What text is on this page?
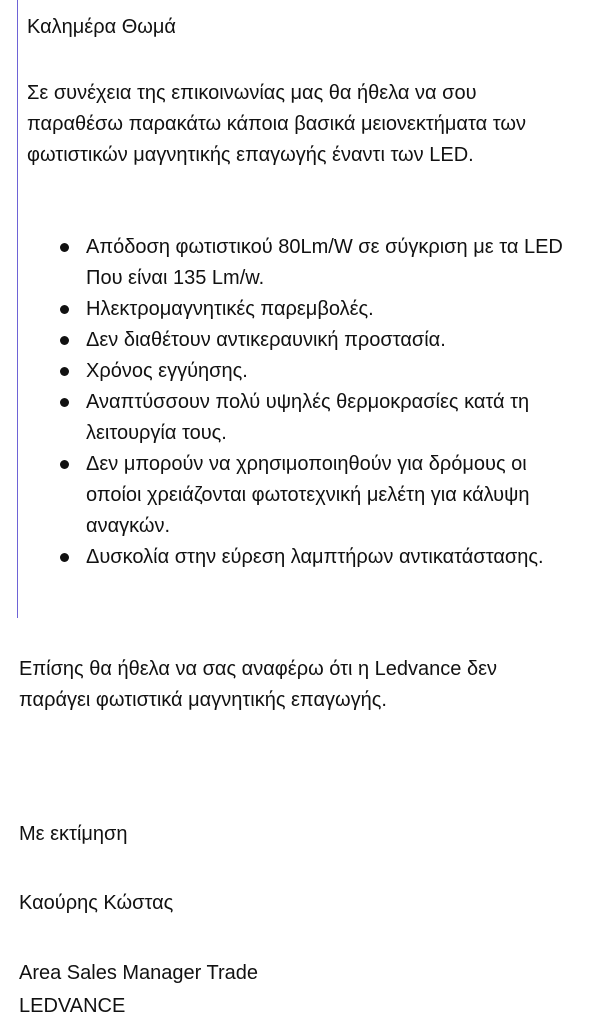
Καλημέρα Θωμά

Σε συνέχεια της επικοινωνίας μας θα ήθελα να σου παραθέσω παρακάτω κάποια βασικά μειονεκτήματα των φωτιστικών μαγνητικής επαγωγής έναντι των LED.

Απόδοση φωτιστικού 80Lm/W σε σύγκριση με τα LED Που είναι 135 Lm/w.
Ηλεκτρομαγνητικές παρεμβολές.
Δεν διαθέτουν αντικεραυνική προστασία.
Χρόνος εγγύησης.
Αναπτύσσουν πολύ υψηλές θερμοκρασίες κατά τη λειτουργία τους.
Δεν μπορούν να χρησιμοποιηθούν για δρόμους οι οποίοι χρειάζονται φωτοτεχνική μελέτη για κάλυψη αναγκών.
Δυσκολία στην εύρεση λαμπτήρων αντικατάστασης.

Επίσης θα ήθελα να σας αναφέρω ότι η Ledvance δεν παράγει φωτιστικά μαγνητικής επαγωγής.

Με εκτίμηση

Καούρης Κώστας

Area Sales Manager Trade

LEDVANCE
